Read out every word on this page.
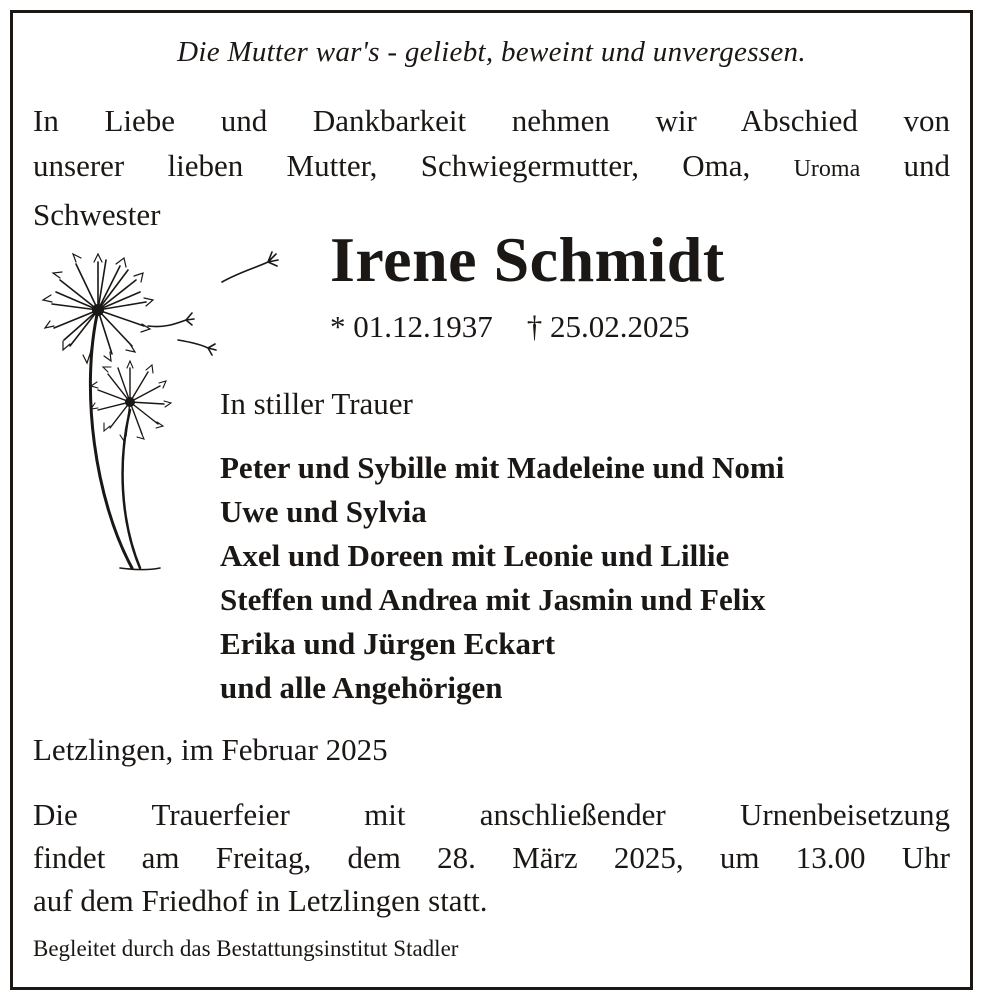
Die Mutter war's - geliebt, beweint und unvergessen.
In Liebe und Dankbarkeit nehmen wir Abschied von
unserer lieben Mutter, Schwiegermutter, Oma, Uroma und
Schwester
Irene Schmidt
* 01.12.1937 † 25.02.2025
In stiller Trauer
Peter und Sybille mit Madeleine und Nomi
Uwe und Sylvia
Axel und Doreen mit Leonie und Lillie
Steffen und Andrea mit Jasmin und Felix
Erika und Jürgen Eckart
und alle Angehörigen
Letzlingen, im Februar 2025
Die Trauerfeier mit anschließender Urnenbeisetzung
findet am Freitag, dem 28. März 2025, um 13.00 Uhr
auf dem Friedhof in Letzlingen statt.
Begleitet durch das Bestattungsinstitut Stadler
